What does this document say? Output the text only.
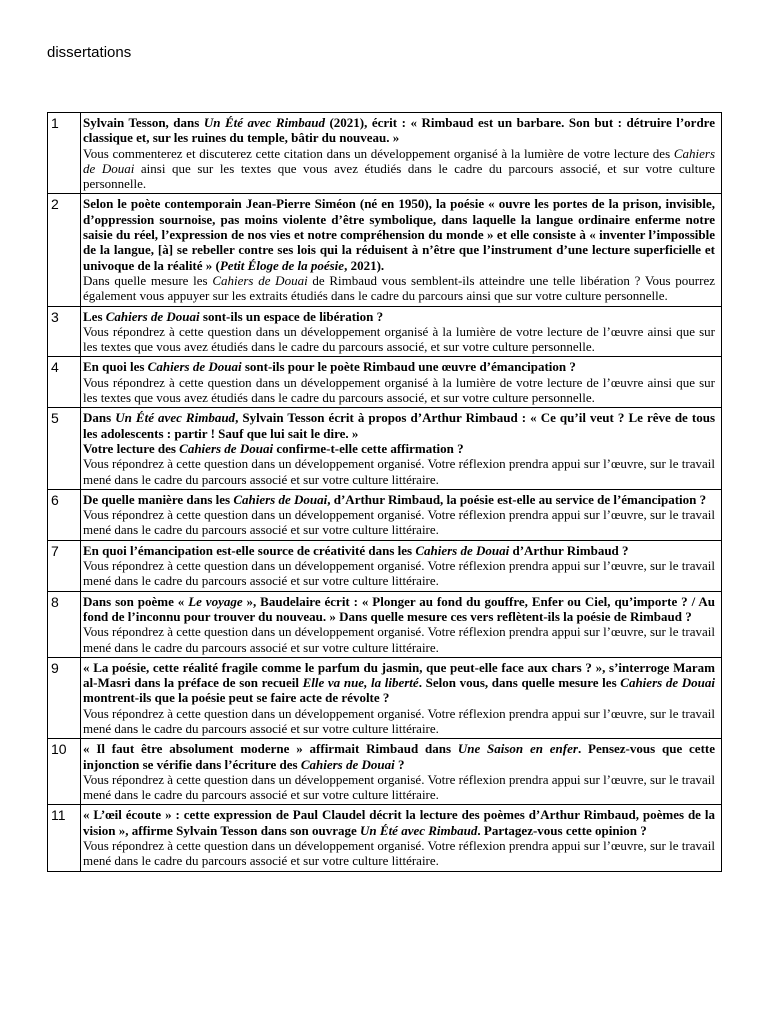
dissertations
1	Sylvain Tesson, dans Un Été avec Rimbaud (2021), écrit : « Rimbaud est un barbare. Son but : détruire l’ordre classique et, sur les ruines du temple, bâtir du nouveau. »
Vous commenterez et discuterez cette citation dans un développement organisé à la lumière de votre lecture des Cahiers de Douai ainsi que sur les textes que vous avez étudiés dans le cadre du parcours associé, et sur votre culture personnelle.

2	Selon le poète contemporain Jean-Pierre Siméon (né en 1950), la poésie « ouvre les portes de la prison, invisible, d’oppression sournoise, pas moins violente d’être symbolique, dans laquelle la langue ordinaire enferme notre saisie du réel, l’expression de nos vies et notre compréhension du monde » et elle consiste à « inventer l’impossible de la langue, [à] se rebeller contre ses lois qui la réduisent à n’être que l’instrument d’une lecture superficielle et univoque de la réalité » (Petit Éloge de la poésie, 2021).
Dans quelle mesure les Cahiers de Douai de Rimbaud vous semblent-ils atteindre une telle libération ? Vous pourrez également vous appuyer sur les extraits étudiés dans le cadre du parcours ainsi que sur votre culture personnelle.

3	Les Cahiers de Douai sont-ils un espace de libération ?
Vous répondrez à cette question dans un développement organisé à la lumière de votre lecture de l’œuvre ainsi que sur les textes que vous avez étudiés dans le cadre du parcours associé, et sur votre culture personnelle.

4	En quoi les Cahiers de Douai sont-ils pour le poète Rimbaud une œuvre d’émancipation ?
Vous répondrez à cette question dans un développement organisé à la lumière de votre lecture de l’œuvre ainsi que sur les textes que vous avez étudiés dans le cadre du parcours associé, et sur votre culture personnelle.

5	Dans Un Été avec Rimbaud, Sylvain Tesson écrit à propos d’Arthur Rimbaud : « Ce qu’il veut ? Le rêve de tous les adolescents : partir ! Sauf que lui sait le dire. »
Votre lecture des Cahiers de Douai confirme-t-elle cette affirmation ?
Vous répondrez à cette question dans un développement organisé. Votre réflexion prendra appui sur l’œuvre, sur le travail mené dans le cadre du parcours associé et sur votre culture littéraire.

6	De quelle manière dans les Cahiers de Douai, d’Arthur Rimbaud, la poésie est-elle au service de l’émancipation ?
Vous répondrez à cette question dans un développement organisé. Votre réflexion prendra appui sur l’œuvre, sur le travail mené dans le cadre du parcours associé et sur votre culture littéraire.

7	En quoi l’émancipation est-elle source de créativité dans les Cahiers de Douai d’Arthur Rimbaud ?
Vous répondrez à cette question dans un développement organisé. Votre réflexion prendra appui sur l’œuvre, sur le travail mené dans le cadre du parcours associé et sur votre culture littéraire.

8	Dans son poème « Le voyage », Baudelaire écrit : « Plonger au fond du gouffre, Enfer ou Ciel, qu’importe ? / Au fond de l’inconnu pour trouver du nouveau. » Dans quelle mesure ces vers reflètent-ils la poésie de Rimbaud ?
Vous répondrez à cette question dans un développement organisé. Votre réflexion prendra appui sur l’œuvre, sur le travail mené dans le cadre du parcours associé et sur votre culture littéraire.

9	« La poésie, cette réalité fragile comme le parfum du jasmin, que peut-elle face aux chars ? », s’interroge Maram al-Masri dans la préface de son recueil Elle va nue, la liberté. Selon vous, dans quelle mesure les Cahiers de Douai montrent-ils que la poésie peut se faire acte de révolte ?
Vous répondrez à cette question dans un développement organisé. Votre réflexion prendra appui sur l’œuvre, sur le travail mené dans le cadre du parcours associé et sur votre culture littéraire.

10	« Il faut être absolument moderne » affirmait Rimbaud dans Une Saison en enfer. Pensez-vous que cette injonction se vérifie dans l’écriture des Cahiers de Douai ?
Vous répondrez à cette question dans un développement organisé. Votre réflexion prendra appui sur l’œuvre, sur le travail mené dans le cadre du parcours associé et sur votre culture littéraire.

11	« L’œil écoute » : cette expression de Paul Claudel décrit la lecture des poèmes d’Arthur Rimbaud, poèmes de la vision », affirme Sylvain Tesson dans son ouvrage Un Été avec Rimbaud. Partagez-vous cette opinion ?
Vous répondrez à cette question dans un développement organisé. Votre réflexion prendra appui sur l’œuvre, sur le travail mené dans le cadre du parcours associé et sur votre culture littéraire.
